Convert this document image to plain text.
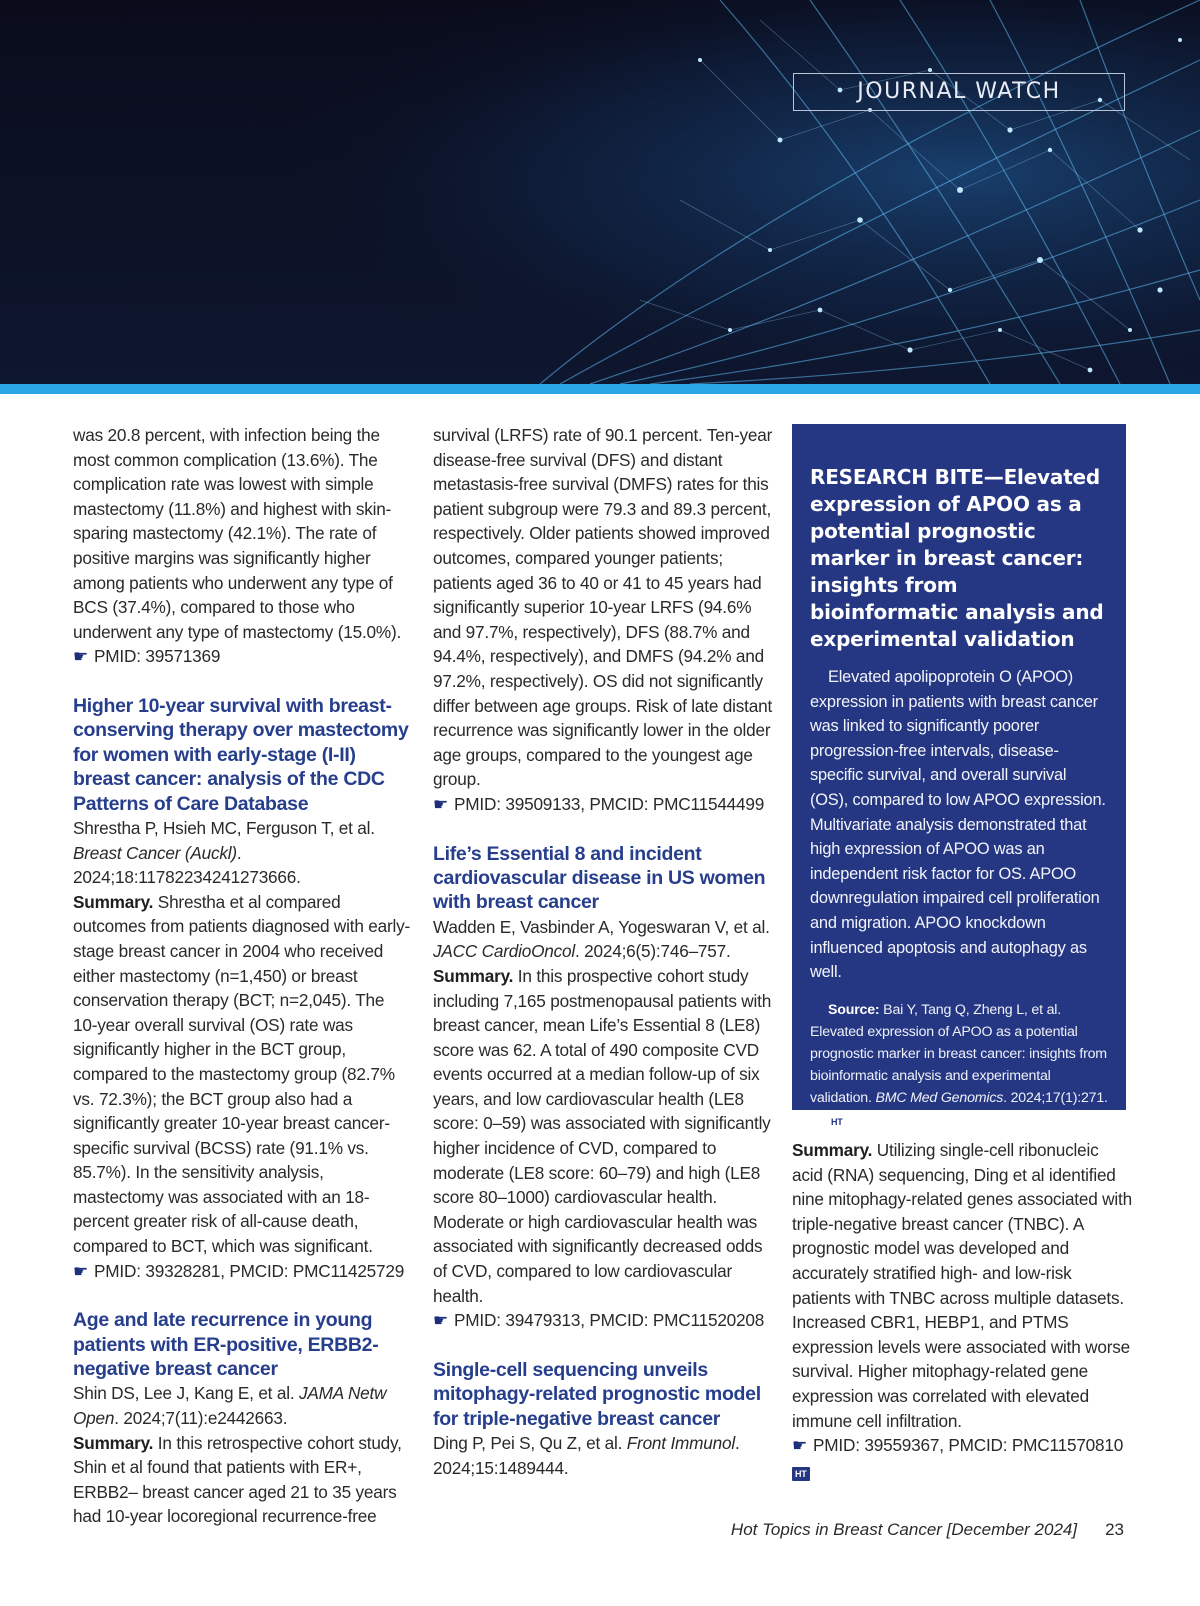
JOURNAL WATCH

was 20.8 percent, with infection being the most common complication (13.6%). The complication rate was lowest with simple mastectomy (11.8%) and highest with skin-sparing mastectomy (42.1%). The rate of positive margins was significantly higher among patients who underwent any type of BCS (37.4%), compared to those who underwent any type of mastectomy (15.0%).

☛ PMID: 39571369

Higher 10-year survival with breast-conserving therapy over mastectomy for women with early-stage (I-II) breast cancer: analysis of the CDC Patterns of Care Database

Shrestha P, Hsieh MC, Ferguson T, et al. Breast Cancer (Auckl). 2024;18:11782234241273666.

Summary. Shrestha et al compared outcomes from patients diagnosed with early-stage breast cancer in 2004 who received either mastectomy (n=1,450) or breast conservation therapy (BCT; n=2,045). The 10-year overall survival (OS) rate was significantly higher in the BCT group, compared to the mastectomy group (82.7% vs. 72.3%); the BCT group also had a significantly greater 10-year breast cancer-specific survival (BCSS) rate (91.1% vs. 85.7%). In the sensitivity analysis, mastectomy was associated with an 18-percent greater risk of all-cause death, compared to BCT, which was significant.

☛ PMID: 39328281, PMCID: PMC11425729

Age and late recurrence in young patients with ER-positive, ERBB2-negative breast cancer

Shin DS, Lee J, Kang E, et al. JAMA Netw Open. 2024;7(11):e2442663.

Summary. In this retrospective cohort study, Shin et al found that patients with ER+, ERBB2– breast cancer aged 21 to 35 years had 10-year locoregional recurrence-free

survival (LRFS) rate of 90.1 percent. Ten-year disease-free survival (DFS) and distant metastasis-free survival (DMFS) rates for this patient subgroup were 79.3 and 89.3 percent, respectively. Older patients showed improved outcomes, compared younger patients; patients aged 36 to 40 or 41 to 45 years had significantly superior 10-year LRFS (94.6% and 97.7%, respectively), DFS (88.7% and 94.4%, respectively), and DMFS (94.2% and 97.2%, respectively). OS did not significantly differ between age groups. Risk of late distant recurrence was significantly lower in the older age groups, compared to the youngest age group.

☛ PMID: 39509133, PMCID: PMC11544499

Life’s Essential 8 and incident cardiovascular disease in US women with breast cancer

Wadden E, Vasbinder A, Yogeswaran V, et al. JACC CardioOncol. 2024;6(5):746–757.

Summary. In this prospective cohort study including 7,165 postmenopausal patients with breast cancer, mean Life’s Essential 8 (LE8) score was 62. A total of 490 composite CVD events occurred at a median follow-up of six years, and low cardiovascular health (LE8 score: 0–59) was associated with significantly higher incidence of CVD, compared to moderate (LE8 score: 60–79) and high (LE8 score 80–1000) cardiovascular health. Moderate or high cardiovascular health was associated with significantly decreased odds of CVD, compared to low cardiovascular health.

☛ PMID: 39479313, PMCID: PMC11520208

Single-cell sequencing unveils mitophagy-related prognostic model for triple-negative breast cancer

Ding P, Pei S, Qu Z, et al. Front Immunol. 2024;15:1489444.

RESEARCH BITE—Elevated expression of APOO as a potential prognostic marker in breast cancer: insights from bioinformatic analysis and experimental validation

Elevated apolipoprotein O (APOO) expression in patients with breast cancer was linked to significantly poorer progression-free intervals, disease-specific survival, and overall survival (OS), compared to low APOO expression. Multivariate analysis demonstrated that high expression of APOO was an independent risk factor for OS. APOO downregulation impaired cell proliferation and migration. APOO knockdown influenced apoptosis and autophagy as well.

Source: Bai Y, Tang Q, Zheng L, et al. Elevated expression of APOO as a potential prognostic marker in breast cancer: insights from bioinformatic analysis and experimental validation. BMC Med Genomics. 2024;17(1):271.
HT

Summary. Utilizing single-cell ribonucleic acid (RNA) sequencing, Ding et al identified nine mitophagy-related genes associated with triple-negative breast cancer (TNBC). A prognostic model was developed and accurately stratified high- and low-risk patients with TNBC across multiple datasets. Increased CBR1, HEBP1, and PTMS expression levels were associated with worse survival. Higher mitophagy-related gene expression was correlated with elevated immune cell infiltration.

☛ PMID: 39559367, PMCID: PMC11570810

HT
Hot Topics in Breast Cancer [December 2024] 23
